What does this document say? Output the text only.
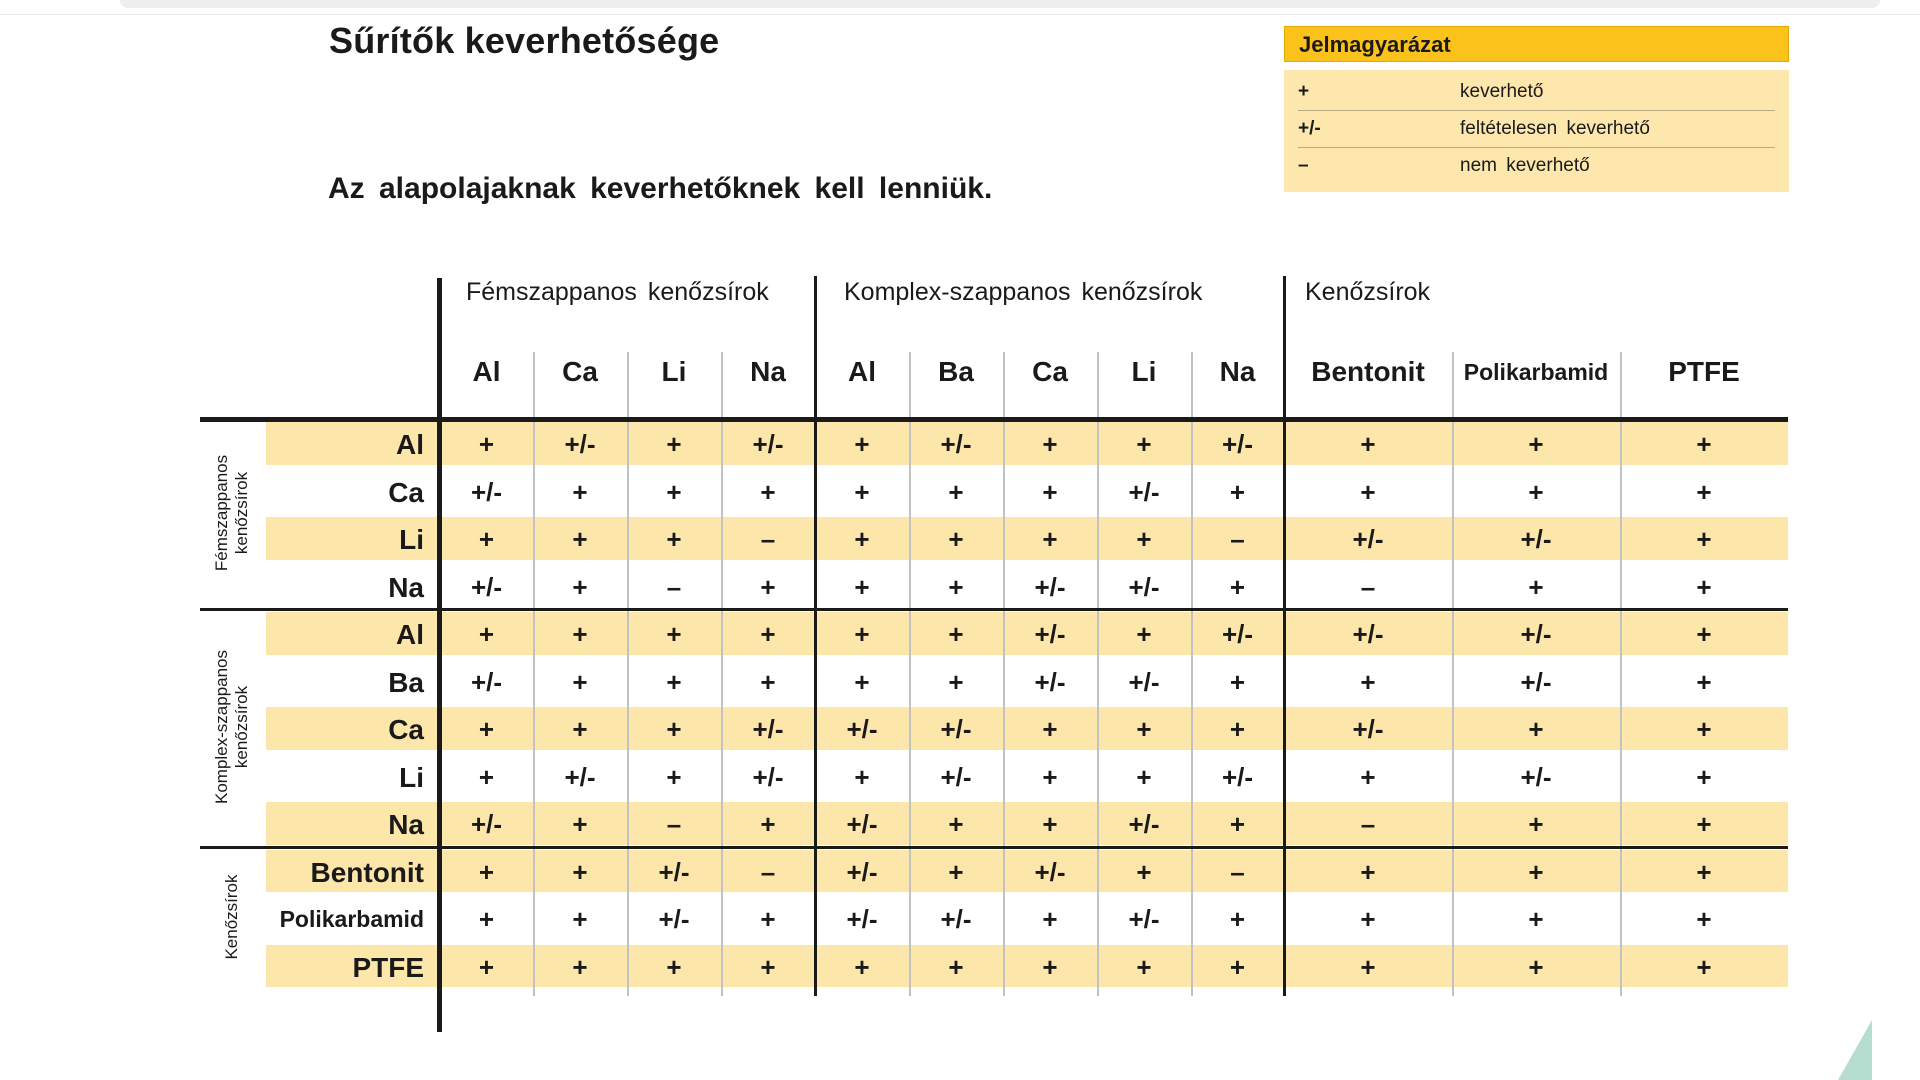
Sűrítők keverhetősége
Az alapolajaknak keverhetőknek kell lenniük.
Jelmagyarázat
+	keverhető
+/-	feltételesen keverhető
–	nem keverhető
Fémszappanos kenőzsírok
Al	Ca	Li	Na
Komplex-szappanos kenőzsírok
Al	Ba	Ca	Li	Na
Kenőzsírok
Bentonit	Polikarbamid	PTFE
Al	+	+/-	+	+/-	+	+/-	+	+	+/-	+	+	+
Ca	+/-	+	+	+	+	+	+	+/-	+	+	+	+
Li	+	+	+	–	+	+	+	+	–	+/-	+/-	+
Na	+/-	+	–	+	+	+	+/-	+/-	+	–	+	+
Fémszappanos kenőzsírok
Al	+	+	+	+	+	+	+/-	+	+/-	+/-	+/-	+
Ba	+/-	+	+	+	+	+	+/-	+/-	+	+	+/-	+
Ca	+	+	+	+/-	+/-	+/-	+	+	+	+/-	+	+
Li	+	+/-	+	+/-	+	+/-	+	+	+/-	+	+/-	+
Na	+/-	+	–	+	+/-	+	+	+/-	+	–	+	+
Komplex-szappanos kenőzsírok
Bentonit	+	+	+/-	–	+/-	+	+/-	+	–	+	+	+
Polikarbamid	+	+	+/-	+	+/-	+/-	+	+/-	+	+	+	+
PTFE	+	+	+	+	+	+	+	+	+	+	+	+
Kenőzsírok
